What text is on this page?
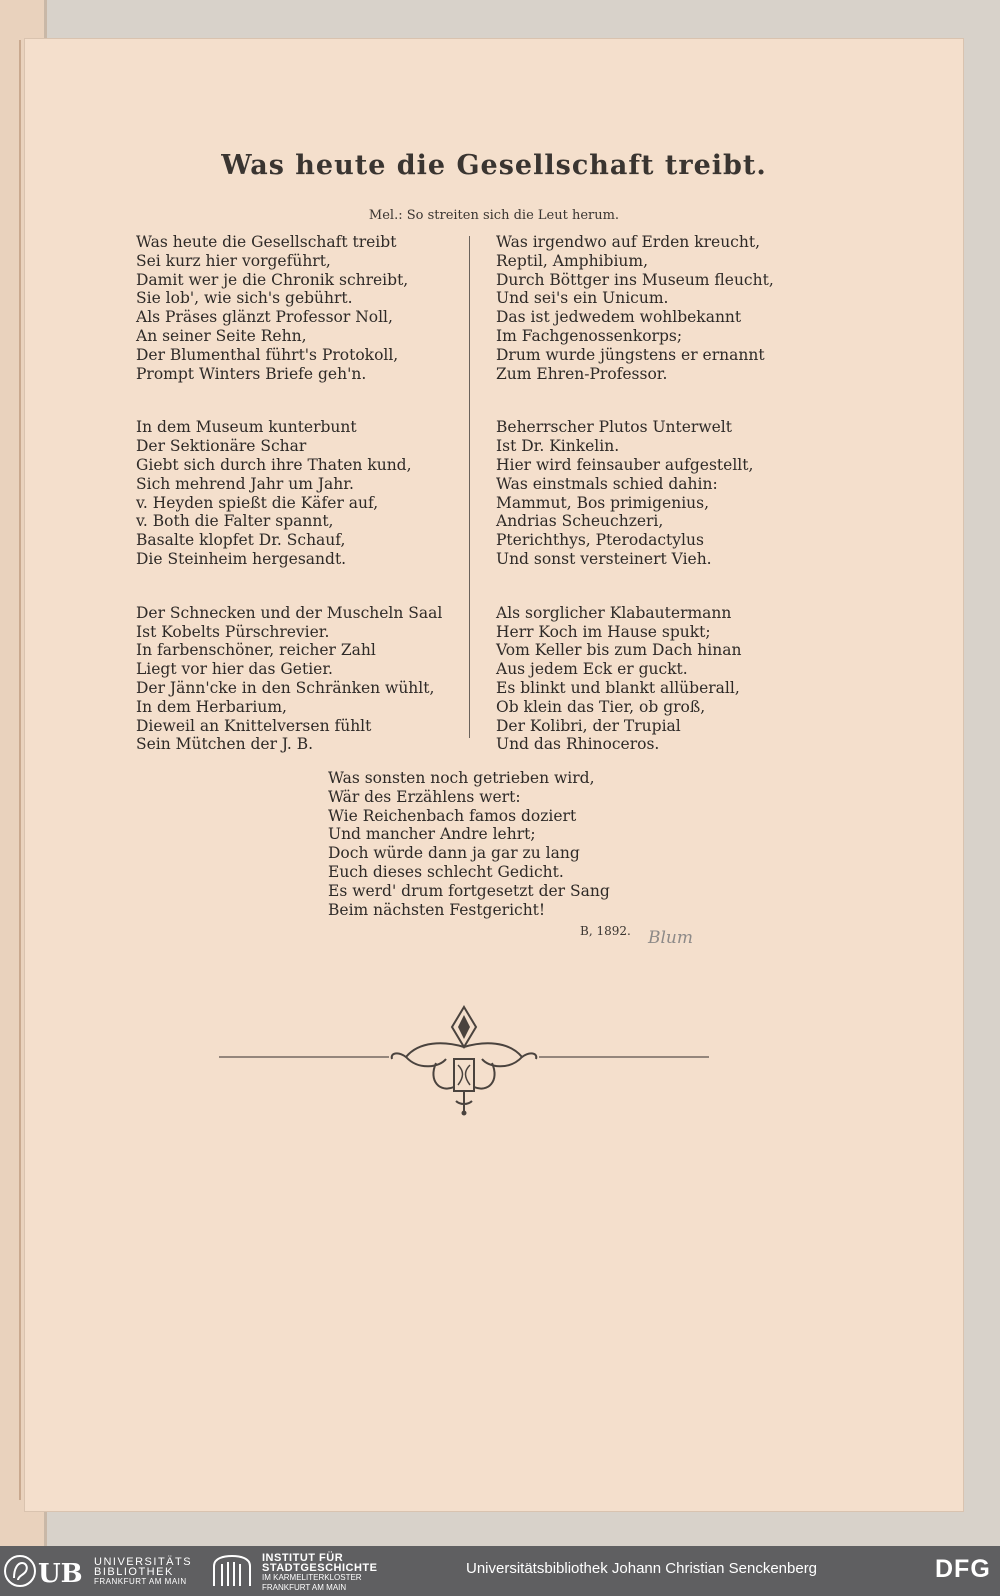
Was heute die Gesellschaft treibt.
Mel.: So streiten sich die Leut herum.
Was heute die Gesellschaft treibt
Sei kurz hier vorgeführt,
Damit wer je die Chronik schreibt,
Sie lob', wie sich's gebührt.
Als Präses glänzt Professor Noll,
An seiner Seite Rehn,
Der Blumenthal führt's Protokoll,
Prompt Winters Briefe geh'n.
In dem Museum kunterbunt
Der Sektionäre Schar
Giebt sich durch ihre Thaten kund,
Sich mehrend Jahr um Jahr.
v. Heyden spießt die Käfer auf,
v. Both die Falter spannt,
Basalte klopfet Dr. Schauf,
Die Steinheim hergesandt.
Der Schnecken und der Muscheln Saal
Ist Kobelts Pürschrevier.
In farbenschöner, reicher Zahl
Liegt vor hier das Getier.
Der Jänn'cke in den Schränken wühlt,
In dem Herbarium,
Dieweil an Knittelversen fühlt
Sein Mütchen der J. B.
Was irgendwo auf Erden kreucht,
Reptil, Amphibium,
Durch Böttger ins Museum fleucht,
Und sei's ein Unicum.
Das ist jedwedem wohlbekannt
Im Fachgenossenkorps;
Drum wurde jüngstens er ernannt
Zum Ehren-Professor.
Beherrscher Plutos Unterwelt
Ist Dr. Kinkelin.
Hier wird feinsauber aufgestellt,
Was einstmals schied dahin:
Mammut, Bos primigenius,
Andrias Scheuchzeri,
Pterichthys, Pterodactylus
Und sonst versteinert Vieh.
Als sorglicher Klabautermann
Herr Koch im Hause spukt;
Vom Keller bis zum Dach hinan
Aus jedem Eck er guckt.
Es blinkt und blankt allüberall,
Ob klein das Tier, ob groß,
Der Kolibri, der Trupial
Und das Rhinoceros.
Was sonsten noch getrieben wird,
Wär des Erzählens wert:
Wie Reichenbach famos doziert
Und mancher Andre lehrt;
Doch würde dann ja gar zu lang
Euch dieses schlecht Gedicht.
Es werd' drum fortgesetzt der Sang
Beim nächsten Festgericht!
B, 1892. Blum
UB UNIVERSITÄTS
BIBLIOTHEK
FRANKFURT AM MAIN
INSTITUT FÜR
STADTGESCHICHTE
IM KARMELITERKLOSTER
FRANKFURT AM MAIN
Universitätsbibliothek Johann Christian Senckenberg	DFG
